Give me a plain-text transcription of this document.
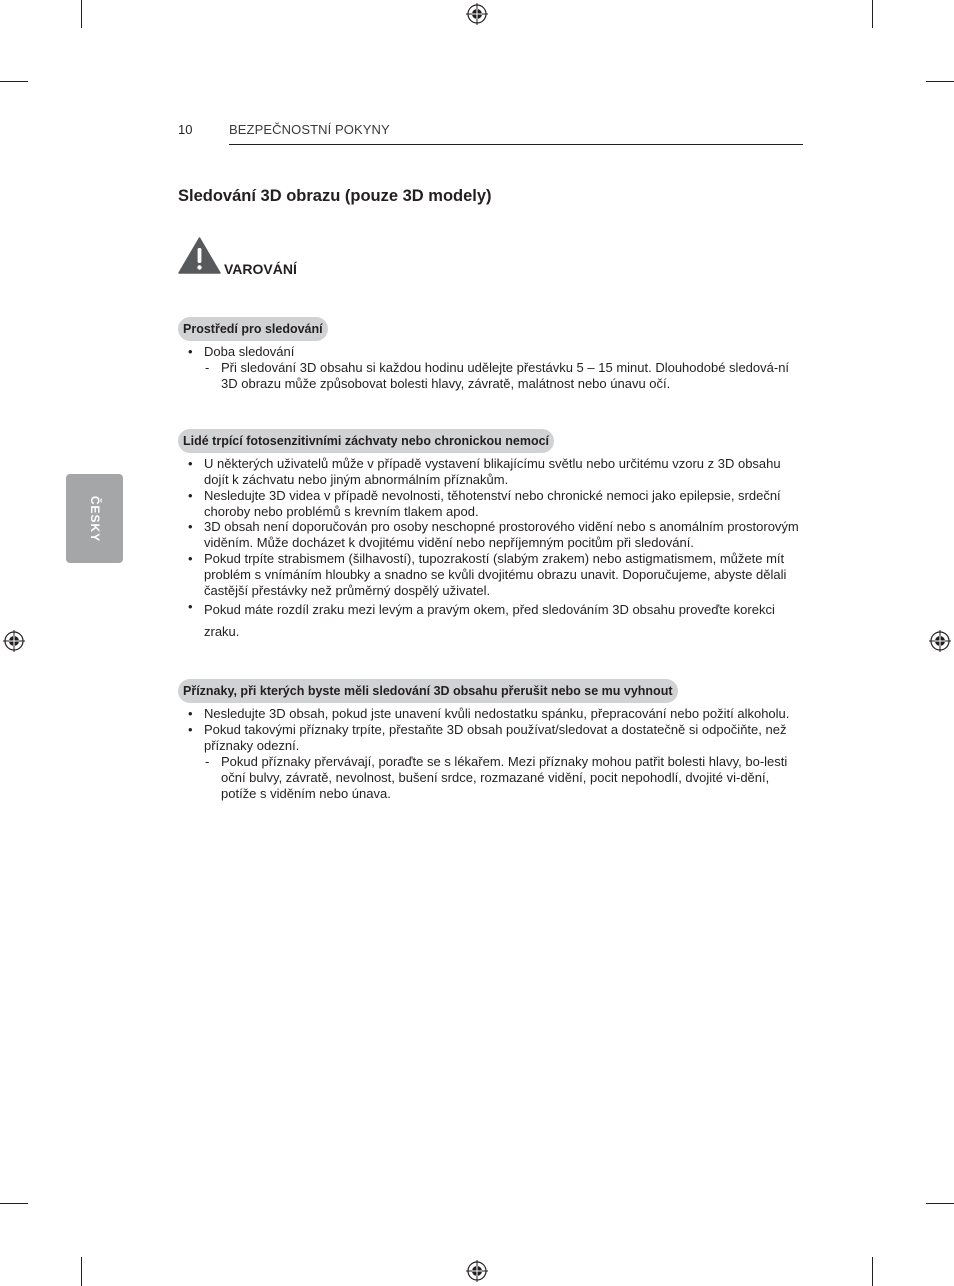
10	BEZPEČNOSTNÍ POKYNY
ČESKY
Sledování 3D obrazu (pouze 3D modely)
VAROVÁNÍ
Prostředí pro sledování
• Doba sledování
- Při sledování 3D obsahu si každou hodinu udělejte přestávku 5 – 15 minut. Dlouhodobé sledová-ní 3D obrazu může způsobovat bolesti hlavy, závratě, malátnost nebo únavu očí.
Lidé trpící fotosenzitivními záchvaty nebo chronickou nemocí
• U některých uživatelů může v případě vystavení blikajícímu světlu nebo určitému vzoru z 3D obsahu dojít k záchvatu nebo jiným abnormálním příznakům.
• Nesledujte 3D videa v případě nevolnosti, těhotenství nebo chronické nemoci jako epilepsie, srdeční choroby nebo problémů s krevním tlakem apod.
• 3D obsah není doporučován pro osoby neschopné prostorového vidění nebo s anomálním prostorovým viděním. Může docházet k dvojitému vidění nebo nepříjemným pocitům při sledování.
• Pokud trpíte strabismem (šilhavostí), tupozrakostí (slabým zrakem) nebo astigmatismem, můžete mít problém s vnímáním hloubky a snadno se kvůli dvojitému obrazu unavit. Doporučujeme, abyste dělali častější přestávky než průměrný dospělý uživatel.
• Pokud máte rozdíl zraku mezi levým a pravým okem, před sledováním 3D obsahu proveďte korekci zraku.
Příznaky, při kterých byste měli sledování 3D obsahu přerušit nebo se mu vyhnout
• Nesledujte 3D obsah, pokud jste unavení kvůli nedostatku spánku, přepracování nebo požití alkoholu.
• Pokud takovými příznaky trpíte, přestaňte 3D obsah používat/sledovat a dostatečně si odpočiňte, než příznaky odezní.
- Pokud příznaky přervávají, poraďte se s lékařem. Mezi příznaky mohou patřit bolesti hlavy, bo-lesti oční bulvy, závratě, nevolnost, bušení srdce, rozmazané vidění, pocit nepohodlí, dvojité vi-dění, potíže s viděním nebo únava.
